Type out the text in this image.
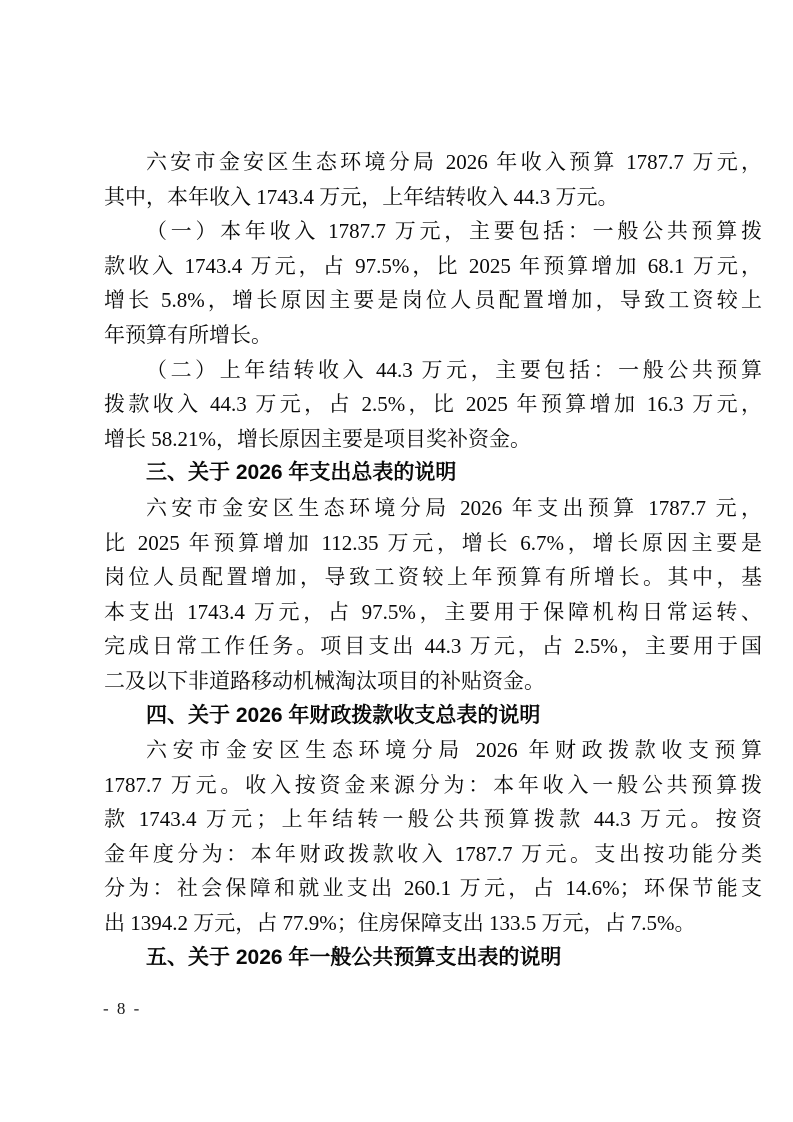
六安市金安区生态环境分局 2026 年收入预算 1787.7 万元，
其中，本年收入 1743.4 万元，上年结转收入 44.3 万元。
（一）本年收入 1787.7 万元，主要包括：一般公共预算拨
款收入 1743.4 万元，占 97.5%，比 2025 年预算增加 68.1 万元，
增长 5.8%，增长原因主要是岗位人员配置增加，导致工资较上
年预算有所增长。
（二）上年结转收入 44.3 万元，主要包括：一般公共预算
拨款收入 44.3 万元，占 2.5%，比 2025 年预算增加 16.3 万元，
增长 58.21%，增长原因主要是项目奖补资金。
三、关于 2026 年支出总表的说明
六安市金安区生态环境分局 2026 年支出预算 1787.7 元，
比 2025 年预算增加 112.35 万元，增长 6.7%，增长原因主要是
岗位人员配置增加，导致工资较上年预算有所增长。其中，基
本支出 1743.4 万元，占 97.5%，主要用于保障机构日常运转、
完成日常工作任务。项目支出 44.3 万元，占 2.5%，主要用于国
二及以下非道路移动机械淘汰项目的补贴资金。
四、关于 2026 年财政拨款收支总表的说明
六安市金安区生态环境分局 2026 年财政拨款收支预算
1787.7 万元。收入按资金来源分为：本年收入一般公共预算拨
款 1743.4 万元；上年结转一般公共预算拨款 44.3 万元。按资
金年度分为：本年财政拨款收入 1787.7 万元。支出按功能分类
分为：社会保障和就业支出 260.1 万元，占 14.6%；环保节能支
出 1394.2 万元，占 77.9%；住房保障支出 133.5 万元，占 7.5%。
五、关于 2026 年一般公共预算支出表的说明
- 8 -
